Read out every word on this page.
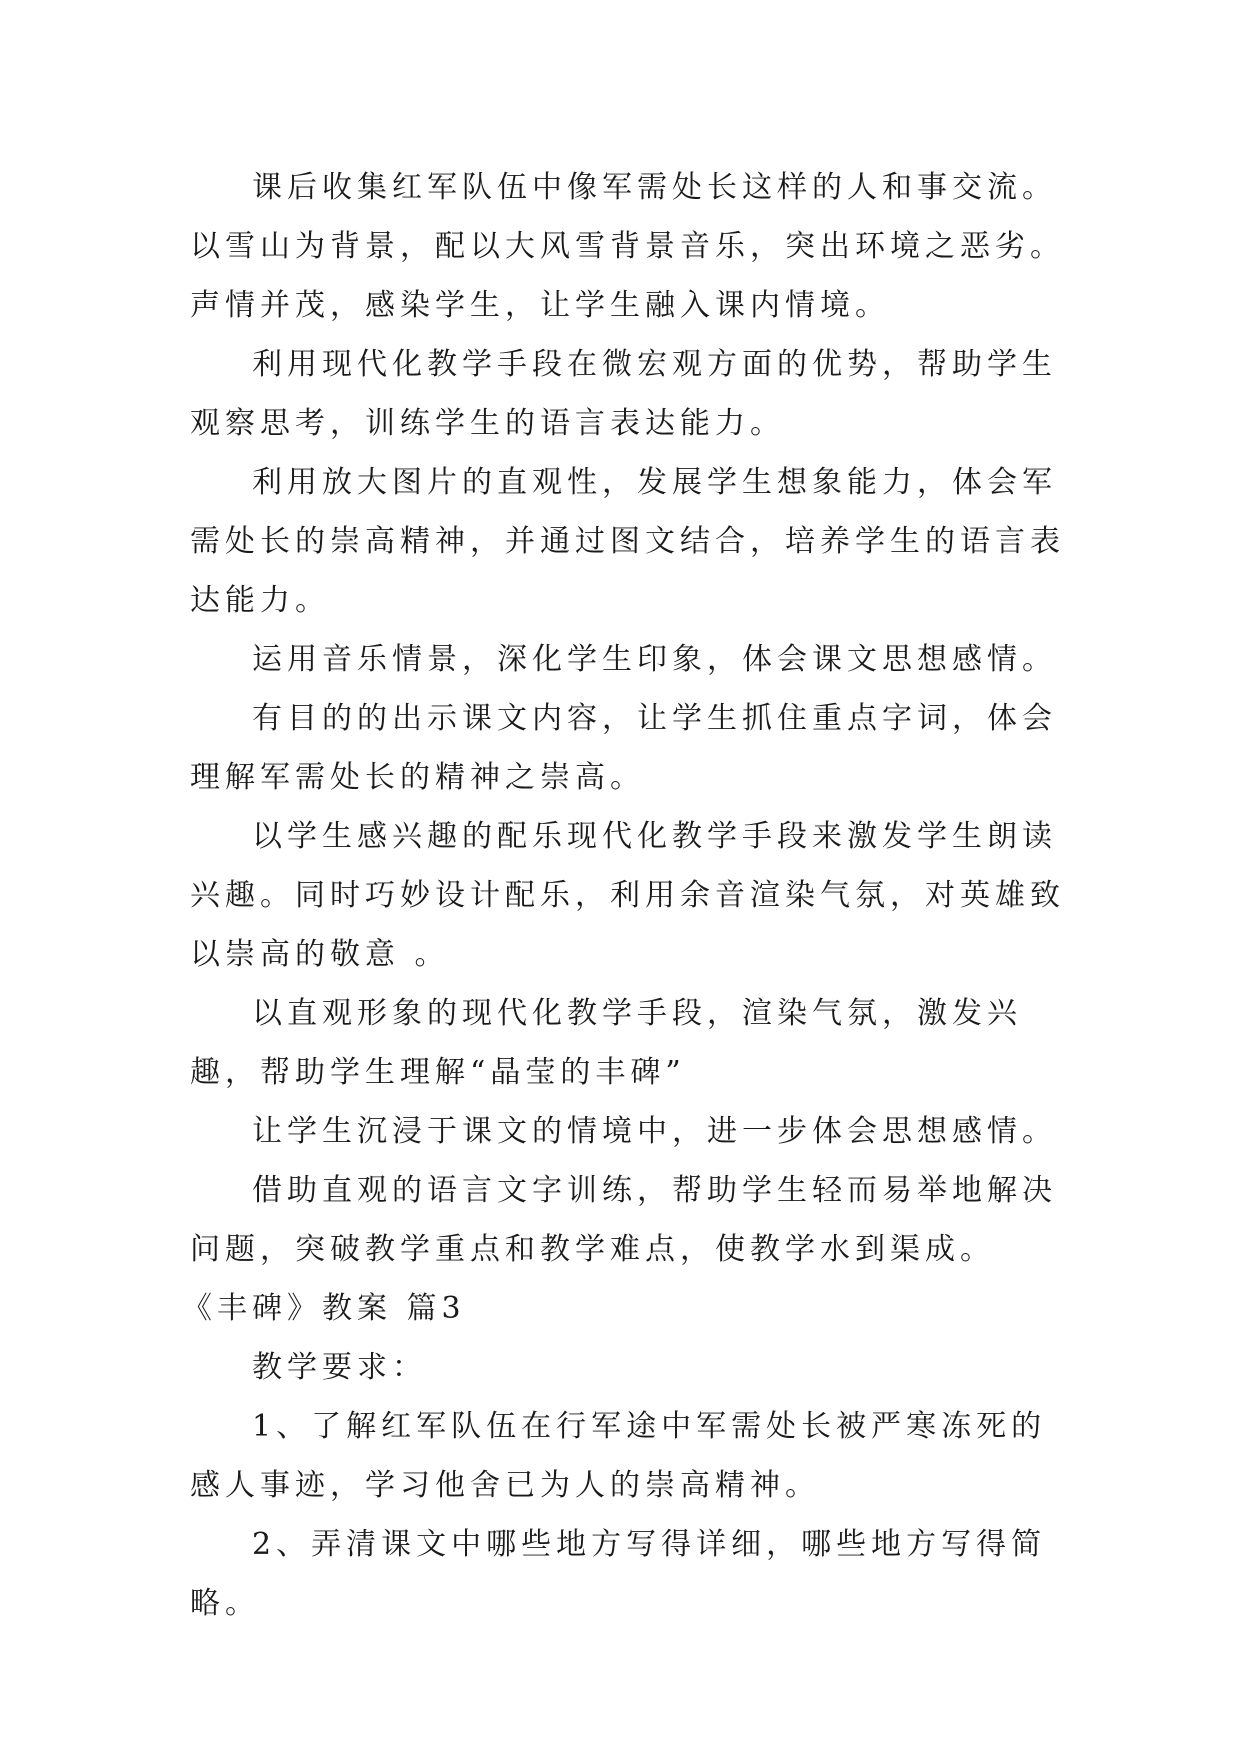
课后收集红军队伍中像军需处长这样的人和事交流。

以雪山为背景，配以大风雪背景音乐，突出环境之恶劣。声情并茂，感染学生，让学生融入课内情境。

利用现代化教学手段在微宏观方面的优势，帮助学生观察思考，训练学生的语言表达能力。

利用放大图片的直观性，发展学生想象能力，体会军需处长的崇高精神，并通过图文结合，培养学生的语言表达能力。

运用音乐情景，深化学生印象，体会课文思想感情。

有目的的出示课文内容，让学生抓住重点字词，体会理解军需处长的精神之崇高。

以学生感兴趣的配乐现代化教学手段来激发学生朗读兴趣。同时巧妙设计配乐，利用余音渲染气氛，对英雄致以崇高的敬意 。

以直观形象的现代化教学手段，渲染气氛，激发兴趣，帮助学生理解“晶莹的丰碑”

让学生沉浸于课文的情境中，进一步体会思想感情。

借助直观的语言文字训练，帮助学生轻而易举地解决问题，突破教学重点和教学难点，使教学水到渠成。

《丰碑》教案 篇3

教学要求：

1、了解红军队伍在行军途中军需处长被严寒冻死的感人事迹，学习他舍已为人的崇高精神。

2、弄清课文中哪些地方写得详细，哪些地方写得简略。
